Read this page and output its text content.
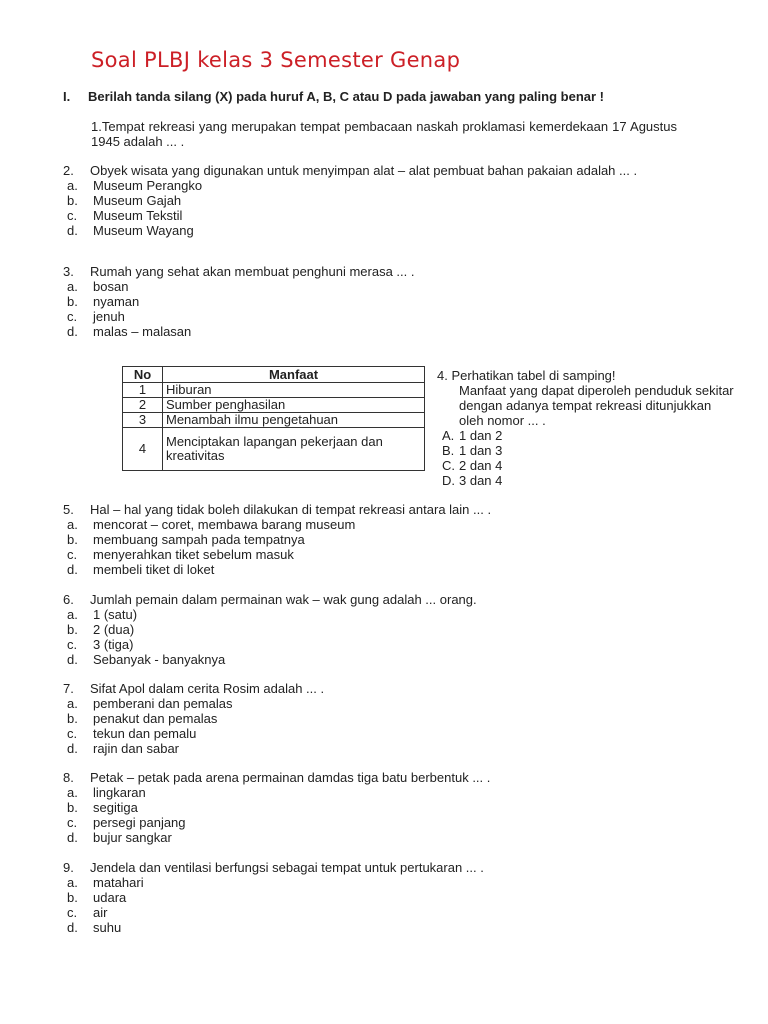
Soal PLBJ kelas 3 Semester Genap
I. Berilah tanda silang (X) pada huruf A, B, C atau D pada jawaban yang paling benar !
1.Tempat rekreasi yang merupakan tempat pembacaan naskah proklamasi kemerdekaan 17 Agustus 1945 adalah ... .
2. Obyek wisata yang digunakan untuk menyimpan alat – alat pembuat bahan pakaian adalah ... .
a. Museum Perangko
b. Museum Gajah
c. Museum Tekstil
d. Museum Wayang
3. Rumah yang sehat akan membuat penghuni merasa ... .
a. bosan
b. nyaman
c. jenuh
d. malas – malasan
No	Manfaat
1	Hiburan
2	Sumber penghasilan
3	Menambah ilmu pengetahuan
4	Menciptakan lapangan pekerjaan dan kreativitas
4. Perhatikan tabel di samping!
Manfaat yang dapat diperoleh penduduk sekitar dengan adanya tempat rekreasi ditunjukkan oleh nomor ... .
A. 1 dan 2
B. 1 dan 3
C. 2 dan 4
D. 3 dan 4
5. Hal – hal yang tidak boleh dilakukan di tempat rekreasi antara lain ... .
a. mencorat – coret, membawa barang museum
b. membuang sampah pada tempatnya
c. menyerahkan tiket sebelum masuk
d. membeli tiket di loket
6. Jumlah pemain dalam permainan wak – wak gung adalah ... orang.
a. 1 (satu)
b. 2 (dua)
c. 3 (tiga)
d. Sebanyak - banyaknya
7. Sifat Apol dalam cerita Rosim adalah ... .
a. pemberani dan pemalas
b. penakut dan pemalas
c. tekun dan pemalu
d. rajin dan sabar
8. Petak – petak pada arena permainan damdas tiga batu berbentuk ... .
a. lingkaran
b. segitiga
c. persegi panjang
d. bujur sangkar
9. Jendela dan ventilasi berfungsi sebagai tempat untuk pertukaran ... .
a. matahari
b. udara
c. air
d. suhu
